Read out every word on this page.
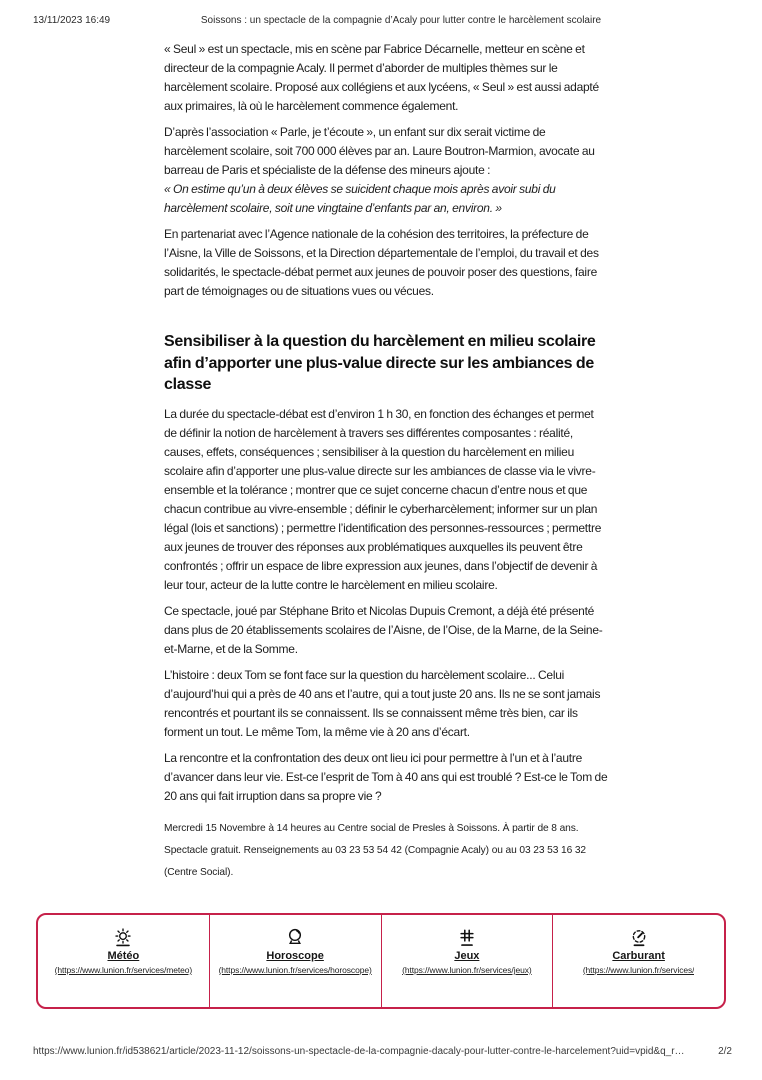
13/11/2023 16:49	Soissons : un spectacle de la compagnie d’Acaly pour lutter contre le harcèlement scolaire
« Seul » est un spectacle, mis en scène par Fabrice Décarnelle, metteur en scène et directeur de la compagnie Acaly. Il permet d’aborder de multiples thèmes sur le harcèlement scolaire. Proposé aux collégiens et aux lycéens, « Seul » est aussi adapté aux primaires, là où le harcèlement commence également.
D’après l’association « Parle, je t’écoute », un enfant sur dix serait victime de harcèlement scolaire, soit 700 000 élèves par an. Laure Boutron-Marmion, avocate au barreau de Paris et spécialiste de la défense des mineurs ajoute :
« On estime qu’un à deux élèves se suicident chaque mois après avoir subi du harcèlement scolaire, soit une vingtaine d’enfants par an, environ. »
En partenariat avec l’Agence nationale de la cohésion des territoires, la préfecture de l’Aisne, la Ville de Soissons, et la Direction départementale de l’emploi, du travail et des solidarités, le spectacle-débat permet aux jeunes de pouvoir poser des questions, faire part de témoignages ou de situations vues ou vécues.
Sensibiliser à la question du harcèlement en milieu scolaire afin d’apporter une plus-value directe sur les ambiances de classe
La durée du spectacle-débat est d’environ 1 h 30, en fonction des échanges et permet de définir la notion de harcèlement à travers ses différentes composantes : réalité, causes, effets, conséquences ; sensibiliser à la question du harcèlement en milieu scolaire afin d’apporter une plus-value directe sur les ambiances de classe via le vivre-ensemble et la tolérance ; montrer que ce sujet concerne chacun d’entre nous et que chacun contribue au vivre-ensemble ; définir le cyberharcèlement; informer sur un plan légal (lois et sanctions) ; permettre l’identification des personnes-ressources ; permettre aux jeunes de trouver des réponses aux problématiques auxquelles ils peuvent être confrontés ; offrir un espace de libre expression aux jeunes, dans l’objectif de devenir à leur tour, acteur de la lutte contre le harcèlement en milieu scolaire.
Ce spectacle, joué par Stéphane Brito et Nicolas Dupuis Cremont, a déjà été présenté dans plus de 20 établissements scolaires de l’Aisne, de l’Oise, de la Marne, de la Seine-et-Marne, et de la Somme.
L’histoire : deux Tom se font face sur la question du harcèlement scolaire... Celui d’aujourd’hui qui a près de 40 ans et l’autre, qui a tout juste 20 ans. Ils ne se sont jamais rencontrés et pourtant ils se connaissent. Ils se connaissent même très bien, car ils forment un tout. Le même Tom, la même vie à 20 ans d’écart.
La rencontre et la confrontation des deux ont lieu ici pour permettre à l’un et à l’autre d’avancer dans leur vie. Est-ce l’esprit de Tom à 40 ans qui est troublé ? Est-ce le Tom de 20 ans qui fait irruption dans sa propre vie ?
Mercredi 15 Novembre à 14 heures au Centre social de Presles à Soissons. À partir de 8 ans.
Spectacle gratuit. Renseignements au 03 23 53 54 42 (Compagnie Acaly) ou au 03 23 53 16 32
(Centre Social).
Météo
(https://www.lunion.fr/services/meteo)
Horoscope
(https://www.lunion.fr/services/horoscope)
Jeux
(https://www.lunion.fr/services/jeux)
Carburant
(https://www.lunion.fr/services/
https://www.lunion.fr/id538621/article/2023-11-12/soissons-un-spectacle-de-la-compagnie-dacaly-pour-lutter-contre-le-harcelement?uid=vpid&q_r…	2/2
